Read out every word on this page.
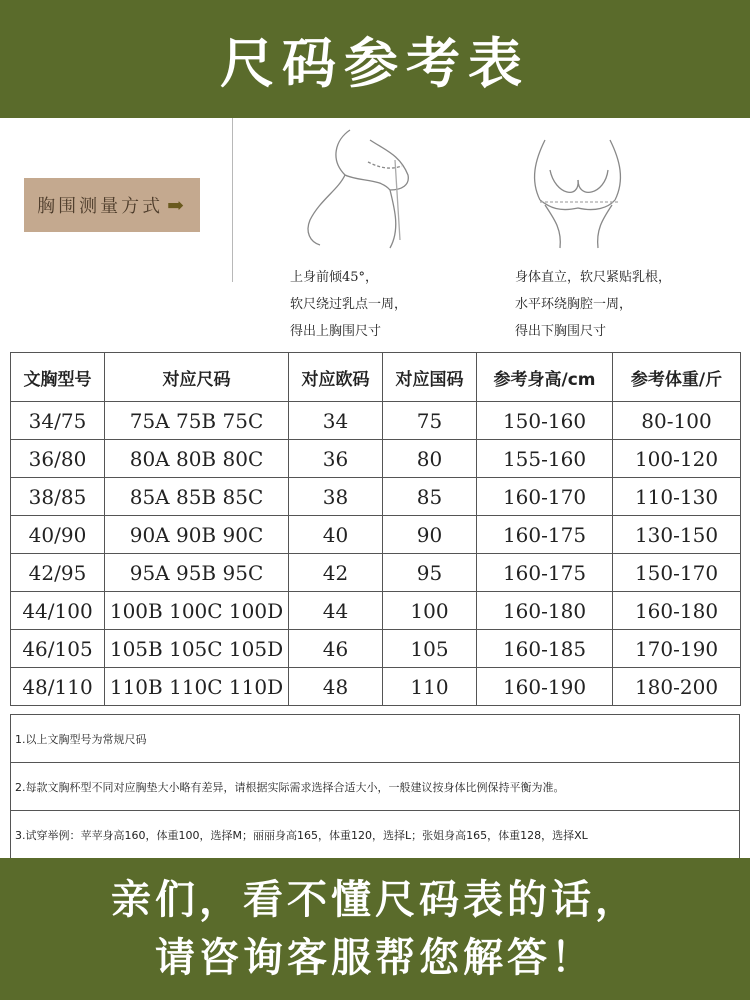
尺码参考表
胸围测量方式 ➡
上身前倾45°，
软尺绕过乳点一周，
得出上胸围尺寸
身体直立，软尺紧贴乳根，
水平环绕胸腔一周，
得出下胸围尺寸
文胸型号	对应尺码	对应欧码	对应国码	参考身高/cm	参考体重/斤
34/75	75A 75B 75C	34	75	150-160	80-100
36/80	80A 80B 80C	36	80	155-160	100-120
38/85	85A 85B 85C	38	85	160-170	110-130
40/90	90A 90B 90C	40	90	160-175	130-150
42/95	95A 95B 95C	42	95	160-175	150-170
44/100	100B 100C 100D	44	100	160-180	160-180
46/105	105B 105C 105D	46	105	160-185	170-190
48/110	110B 110C 110D	48	110	160-190	180-200
1.以上文胸型号为常规尺码
2.每款文胸杯型不同对应胸垫大小略有差异，请根据实际需求选择合适大小，一般建议按身体比例保持平衡为准。
3.试穿举例：苹苹身高160，体重100，选择M；丽丽身高165，体重120，选择L；张姐身高165，体重128，选择XL
亲们，看不懂尺码表的话，
请咨询客服帮您解答！
